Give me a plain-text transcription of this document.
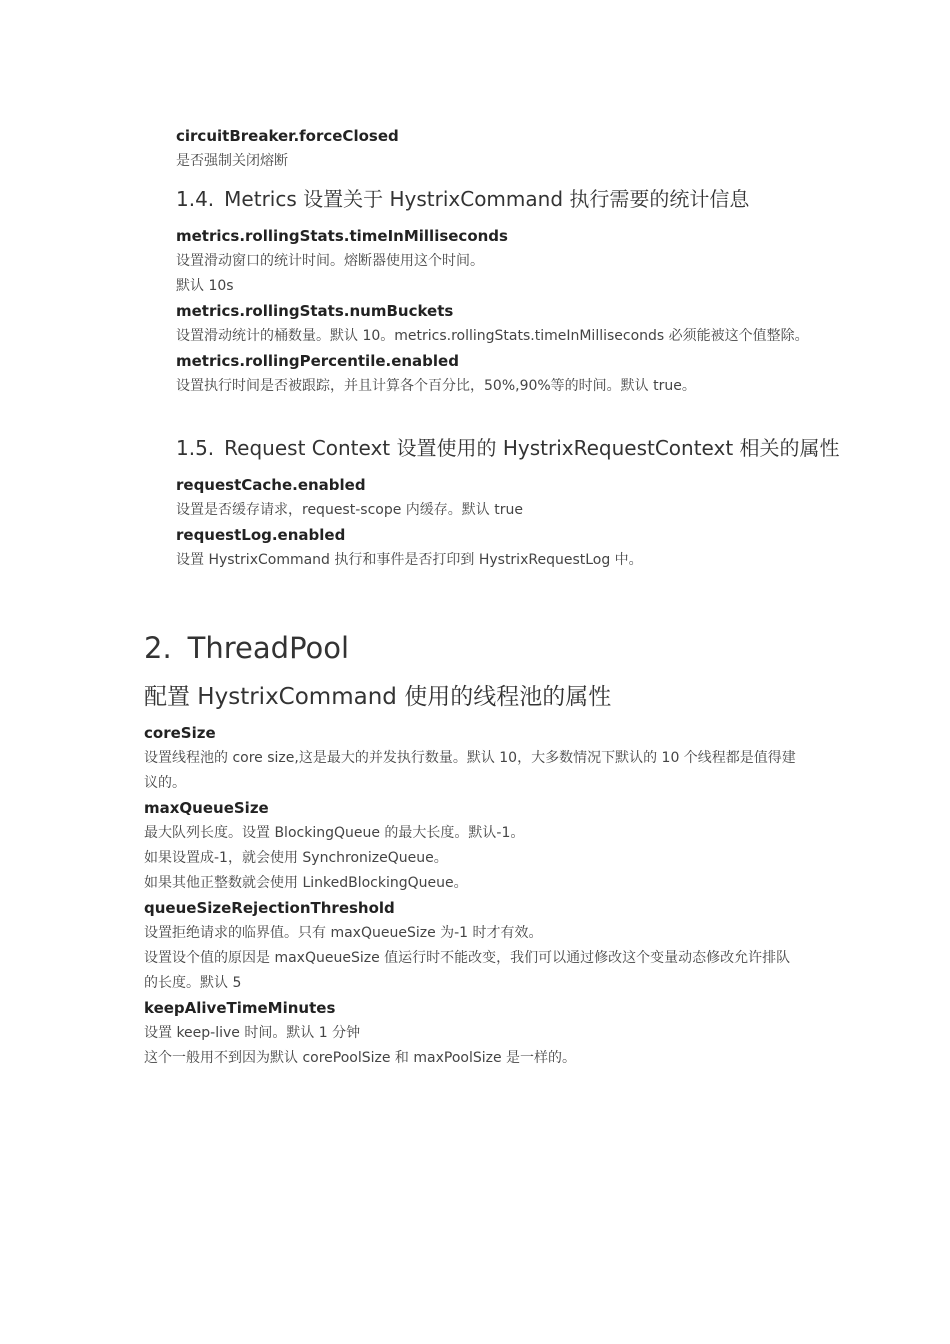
circuitBreaker.forceClosed
是否强制关闭熔断
1.4. Metrics 设置关于 HystrixCommand 执行需要的统计信息
metrics.rollingStats.timeInMilliseconds
设置滑动窗口的统计时间。熔断器使用这个时间。
默认 10s
metrics.rollingStats.numBuckets
设置滑动统计的桶数量。默认 10。metrics.rollingStats.timeInMilliseconds 必须能被这个值整除。
metrics.rollingPercentile.enabled
设置执行时间是否被跟踪，并且计算各个百分比，50%,90%等的时间。默认 true。
1.5. Request Context 设置使用的 HystrixRequestContext 相关的属性
requestCache.enabled
设置是否缓存请求，request-scope 内缓存。默认 true
requestLog.enabled
设置 HystrixCommand 执行和事件是否打印到 HystrixRequestLog 中。
2. ThreadPool
配置 HystrixCommand 使用的线程池的属性
coreSize
设置线程池的 core size,这是最大的并发执行数量。默认 10，大多数情况下默认的 10 个线程都是值得建
议的。
maxQueueSize
最大队列长度。设置 BlockingQueue 的最大长度。默认-1。
如果设置成-1，就会使用 SynchronizeQueue。
如果其他正整数就会使用 LinkedBlockingQueue。
queueSizeRejectionThreshold
设置拒绝请求的临界值。只有 maxQueueSize 为-1 时才有效。
设置设个值的原因是 maxQueueSize 值运行时不能改变，我们可以通过修改这个变量动态修改允许排队
的长度。默认 5
keepAliveTimeMinutes
设置 keep-live 时间。默认 1 分钟
这个一般用不到因为默认 corePoolSize 和 maxPoolSize 是一样的。
